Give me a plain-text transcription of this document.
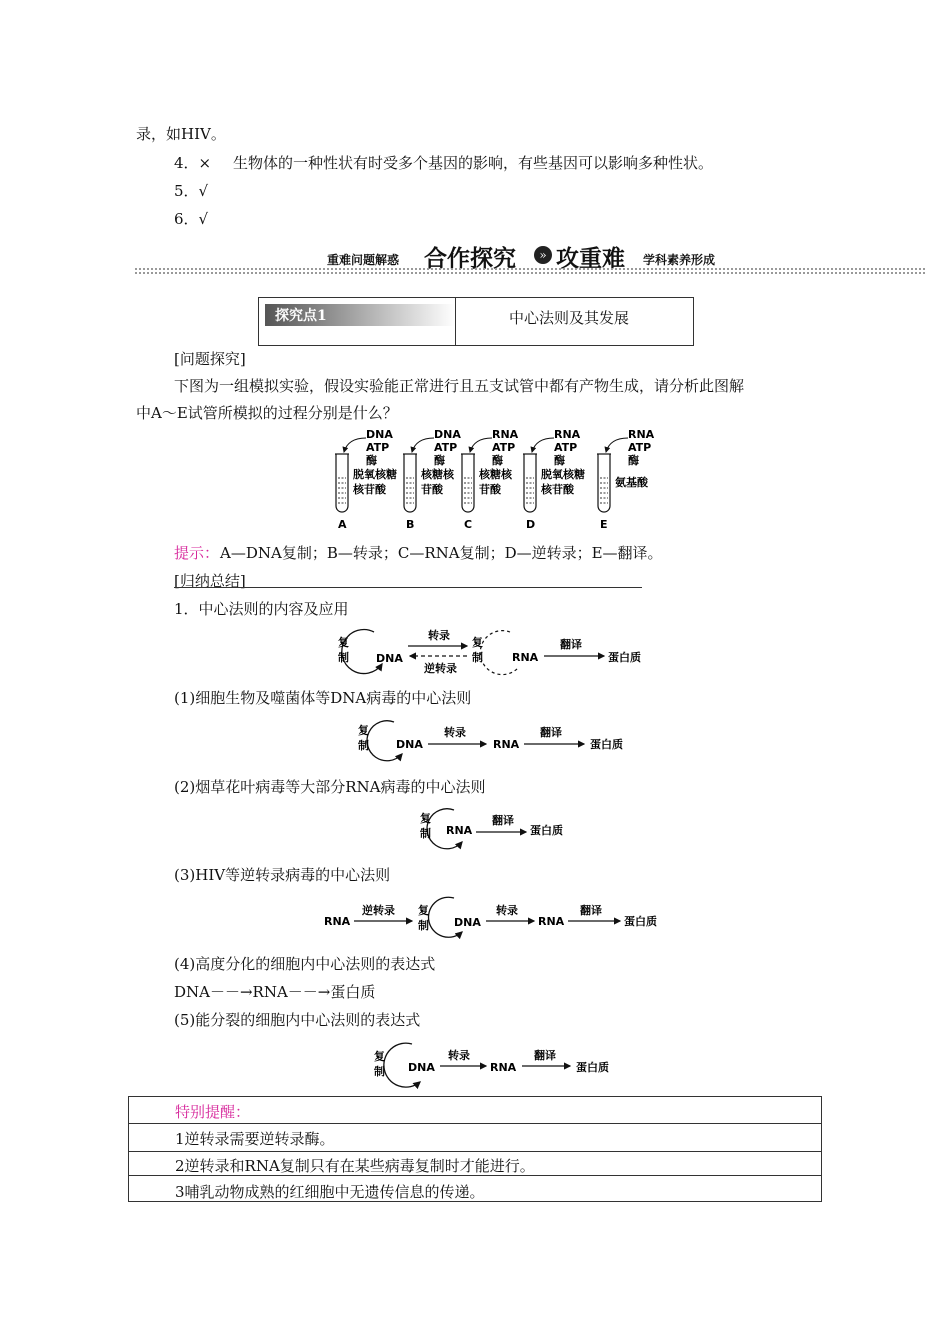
录，如HIV。
4．× 生物体的一种性状有时受多个基因的影响，有些基因可以影响多种性状。
5．√
6．√
重难问题解惑 合作探究	» 攻重难 学科素养形成
探究点1	中心法则及其发展
[问题探究]
下图为一组模拟实验，假设实验能正常进行且五支试管中都有产物生成，请分析此图解
中A～E试管所模拟的过程分别是什么？
DNA
ATP
酶
脱氧核糖
核苷酸
A
DNA
ATP
酶
核糖核
苷酸
B
RNA
ATP
酶
核糖核
苷酸
C
RNA
ATP
酶
脱氧核糖
核苷酸
D
RNA
ATP
酶
氨基酸
E
提示： A—DNA复制；B—转录；C—RNA复制；D—逆转录；E—翻译。
[归纳总结]
1．中心法则的内容及应用
复
制 DNA
转录
逆转录
复
制	RNA
翻译
蛋白质
(1)细胞生物及噬菌体等DNA病毒的中心法则
复
制 DNA
转录
RNA
翻译
蛋白质
(2)烟草花叶病毒等大部分RNA病毒的中心法则
复
制 RNA
翻译
蛋白质
(3)HIV等逆转录病毒的中心法则
RNA
逆转录 复
制 DNA
转录
RNA
翻译
蛋白质
(4)高度分化的细胞内中心法则的表达式
DNA－－→RNA－－→蛋白质
(5)能分裂的细胞内中心法则的表达式
复
制 DNA
转录
RNA
翻译
蛋白质
特别提醒：
1逆转录需要逆转录酶。
2逆转录和RNA复制只有在某些病毒复制时才能进行。
3哺乳动物成熟的红细胞中无遗传信息的传递。
